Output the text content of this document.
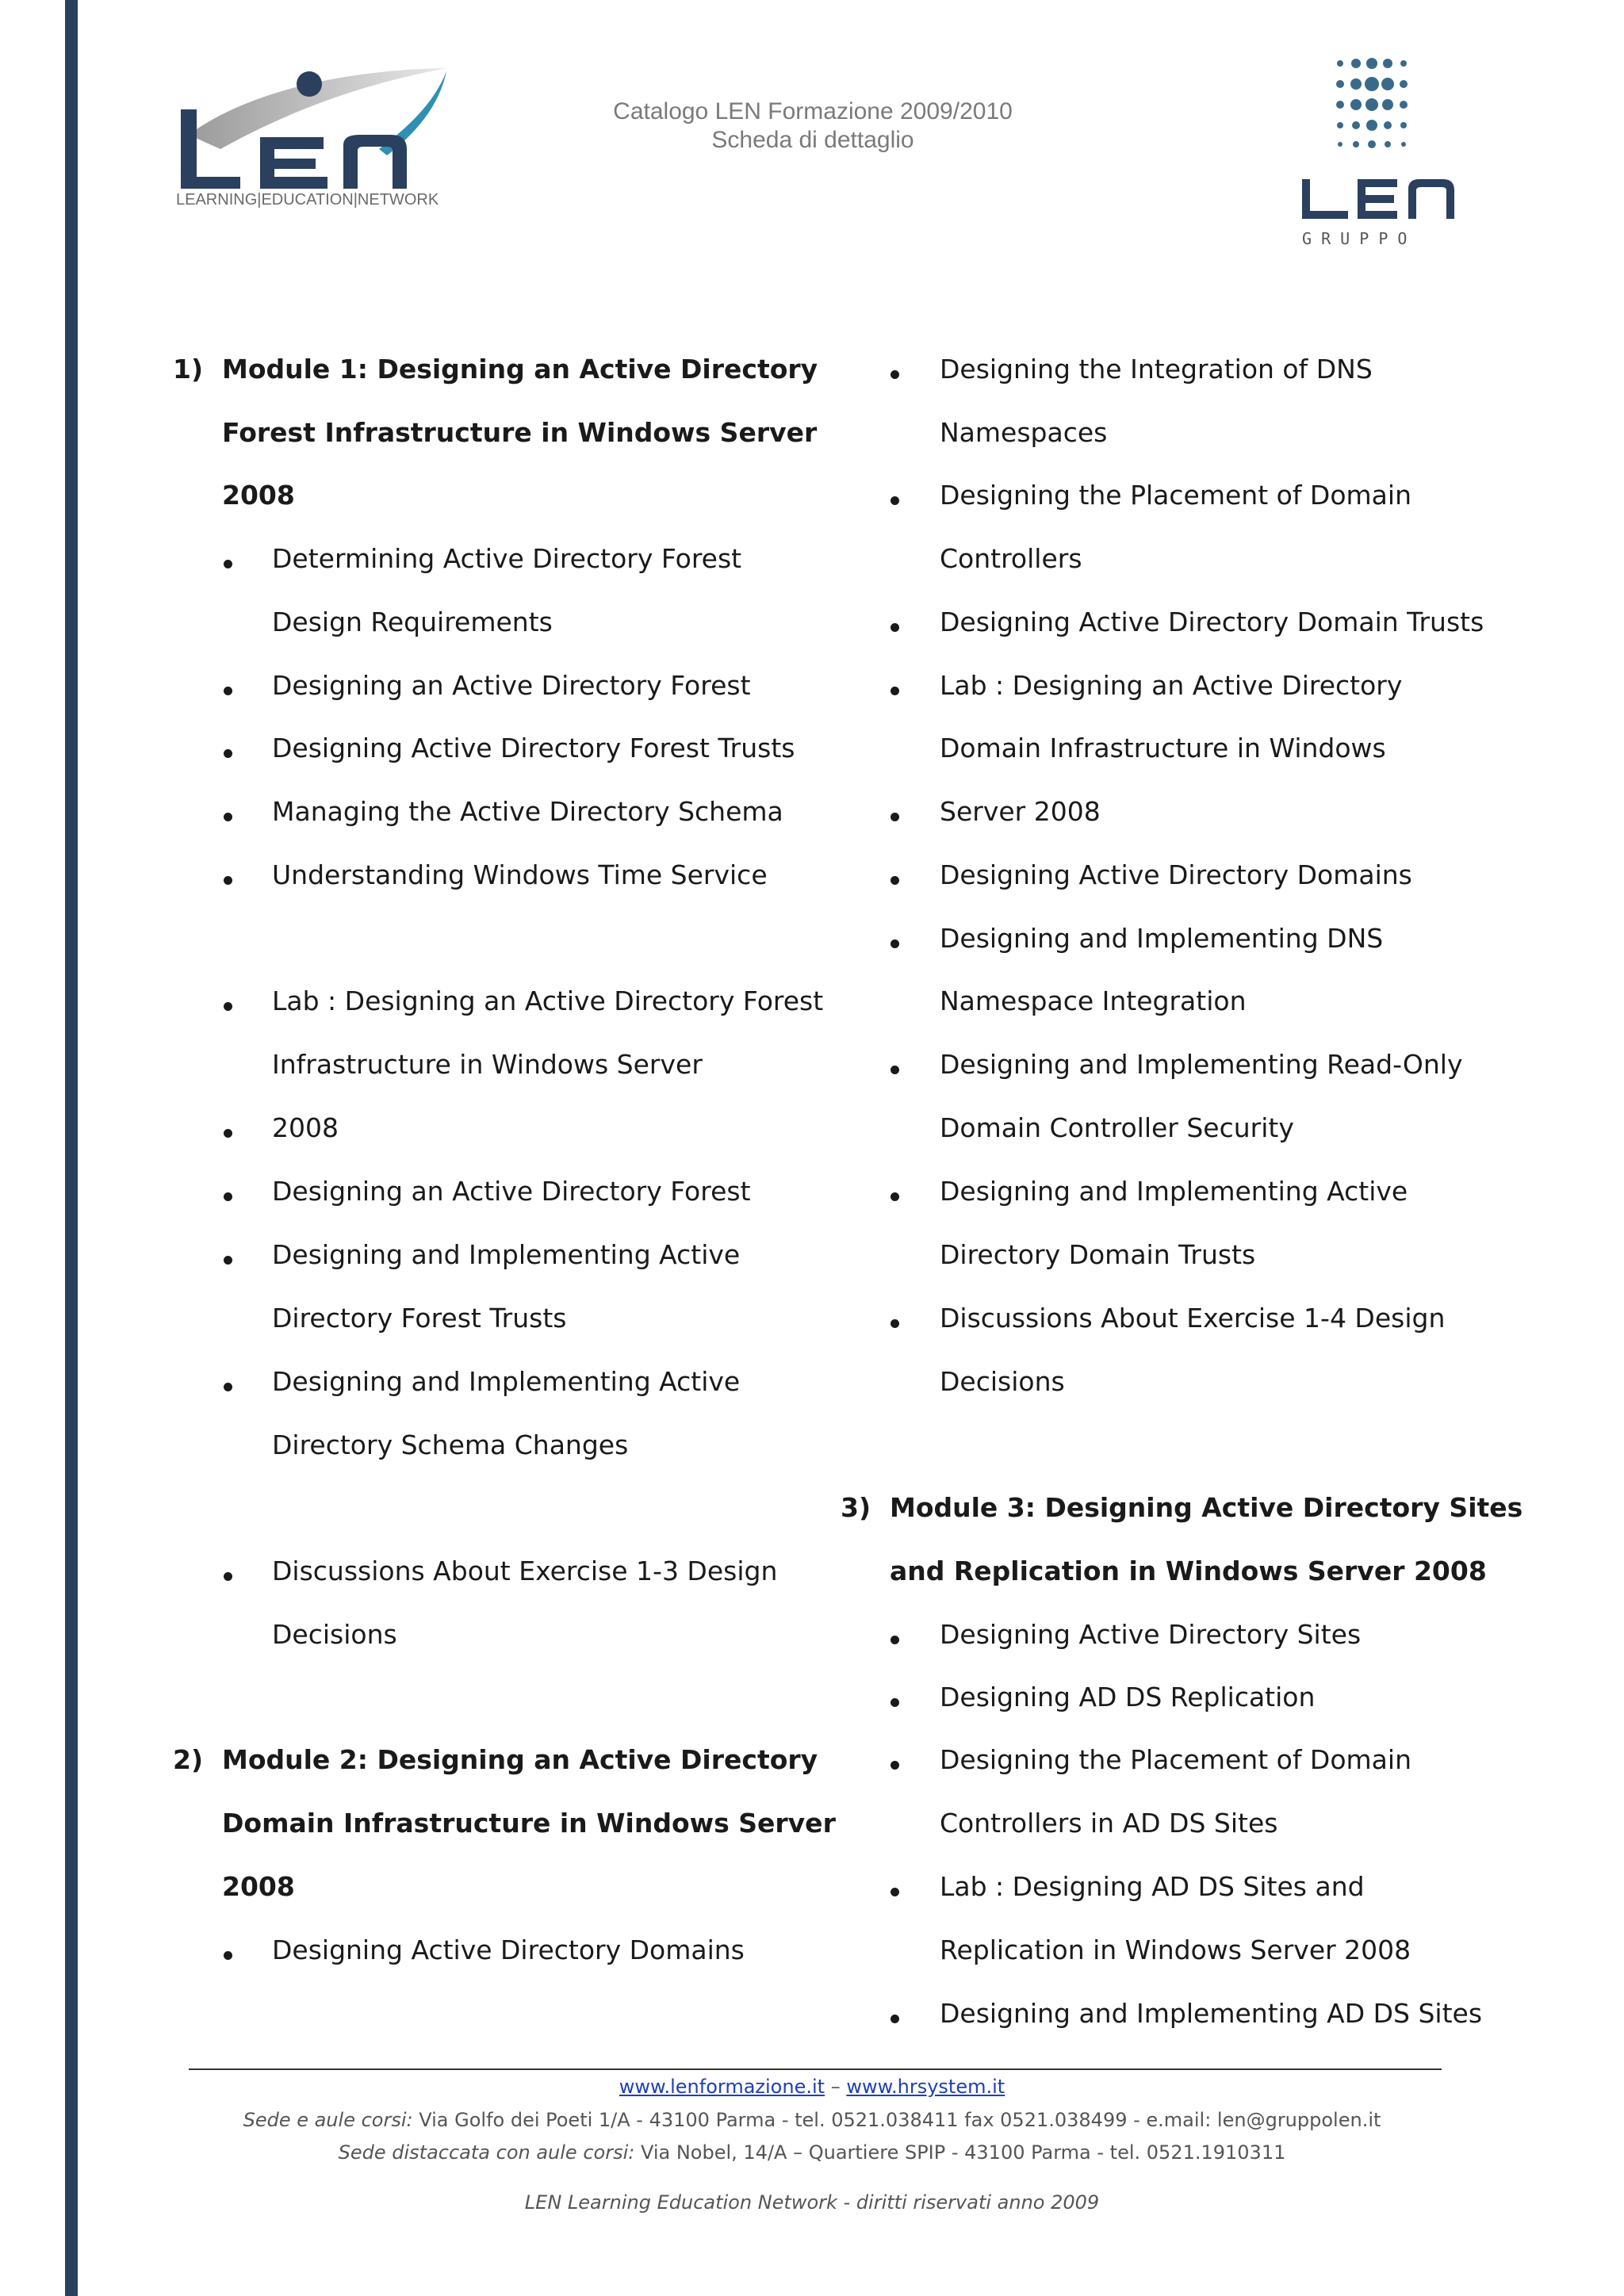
LEARNING|EDUCATION|NETWORK
Catalogo LEN Formazione 2009/2010
Scheda di dettaglio
G R U P P O
1) Module 1: Designing an Active Directory
Forest Infrastructure in Windows Server
2008
Determining Active Directory Forest
Design Requirements
Designing an Active Directory Forest
Designing Active Directory Forest Trusts
Managing the Active Directory Schema
Understanding Windows Time Service
Lab : Designing an Active Directory Forest
Infrastructure in Windows Server
2008
Designing an Active Directory Forest
Designing and Implementing Active
Directory Forest Trusts
Designing and Implementing Active
Directory Schema Changes
Discussions About Exercise 1-3 Design
Decisions
2) Module 2: Designing an Active Directory
Domain Infrastructure in Windows Server
2008
Designing Active Directory Domains
Designing the Integration of DNS
Namespaces
Designing the Placement of Domain
Controllers
Designing Active Directory Domain Trusts
Lab : Designing an Active Directory
Domain Infrastructure in Windows
Server 2008
Designing Active Directory Domains
Designing and Implementing DNS
Namespace Integration
Designing and Implementing Read-Only
Domain Controller Security
Designing and Implementing Active
Directory Domain Trusts
Discussions About Exercise 1-4 Design
Decisions
3) Module 3: Designing Active Directory Sites
and Replication in Windows Server 2008
Designing Active Directory Sites
Designing AD DS Replication
Designing the Placement of Domain
Controllers in AD DS Sites
Lab : Designing AD DS Sites and
Replication in Windows Server 2008
Designing and Implementing AD DS Sites
www.lenformazione.it – www.hrsystem.it
Sede e aule corsi: Via Golfo dei Poeti 1/A - 43100 Parma - tel. 0521.038411 fax 0521.038499 - e.mail: len@gruppolen.it
Sede distaccata con aule corsi: Via Nobel, 14/A – Quartiere SPIP - 43100 Parma - tel. 0521.1910311
LEN Learning Education Network - diritti riservati anno 2009
